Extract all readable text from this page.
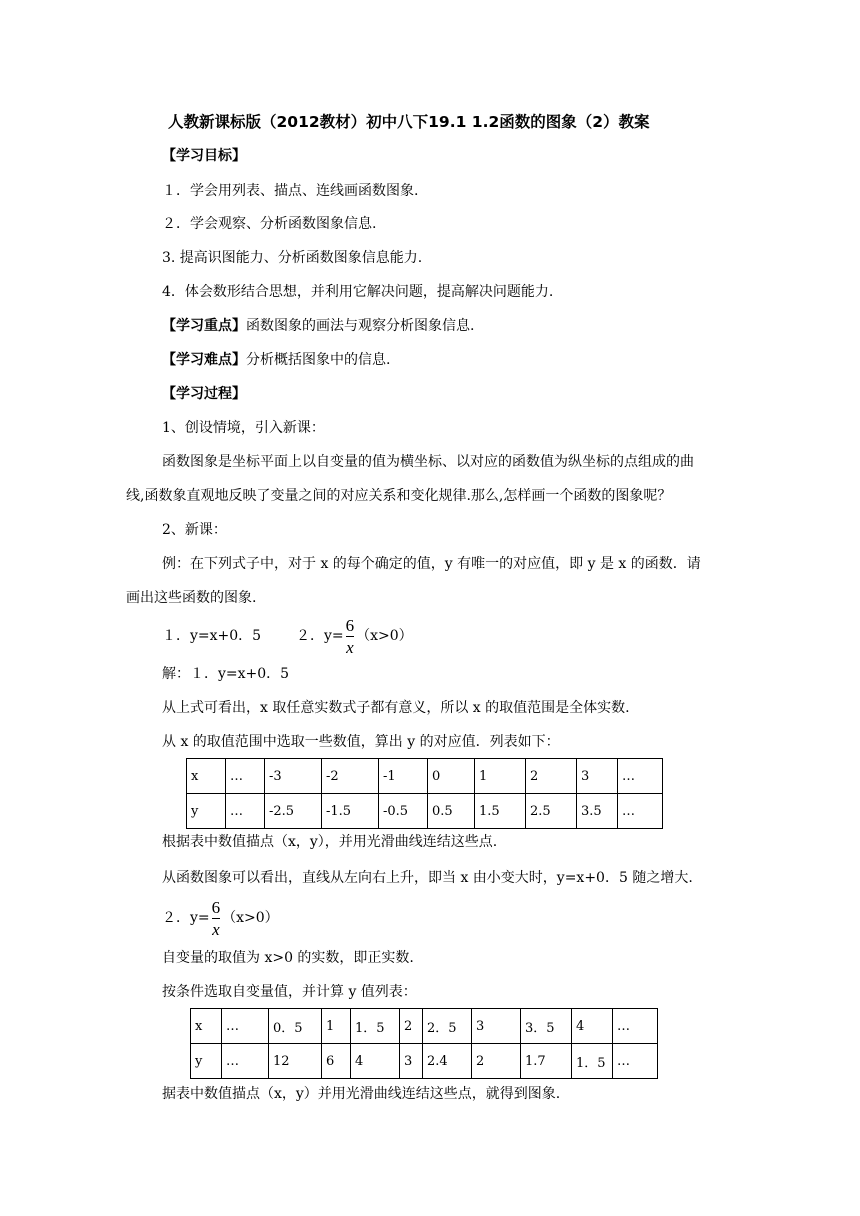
人教新课标版（2012教材）初中八下19.1 1.2函数的图象（2）教案
【学习目标】
１．学会用列表、描点、连线画函数图象.
２．学会观察、分析函数图象信息.
3. 提高识图能力、分析函数图象信息能力.
4．体会数形结合思想，并利用它解决问题，提高解决问题能力.
【学习重点】函数图象的画法与观察分析图象信息.
【学习难点】分析概括图象中的信息.
【学习过程】
1、创设情境，引入新课：
函数图象是坐标平面上以自变量的值为横坐标、以对应的函数值为纵坐标的点组成的曲
线,函数象直观地反映了变量之间的对应关系和变化规律.那么,怎样画一个函数的图象呢？
2、新课：
例：在下列式子中，对于 x 的每个确定的值，y 有唯一的对应值，即 y 是 x 的函数．请
画出这些函数的图象.
１．y=x+0．5 ２．$y= \frac{6}{x} (x>0)$
解：１．y=x+0．5
从上式可看出，x 取任意实数式子都有意义，所以 x 的取值范围是全体实数.
从 x 的取值范围中选取一些数值，算出 y 的对应值．列表如下：
x	…	-3	-2	-1	0	1	2	3	…
y	…	-2.5	-1.5	-0.5	0.5	1.5	2.5	3.5	…
根据表中数值描点（x，y），并用光滑曲线连结这些点.
从函数图象可以看出，直线从左向右上升，即当 x 由小变大时，y=x+0．5 随之增大.
２．$y= \frac{6}{x} (x>0)$
自变量的取值为 x>0 的实数，即正实数.
按条件选取自变量值，并计算 y 值列表：
x	…	0．5	1	1．5	2	2．5	3	3．5	4	…
y	…	12	6	4	3	2.4	2	1.7	1．5	…
据表中数值描点（x，y）并用光滑曲线连结这些点，就得到图象.
